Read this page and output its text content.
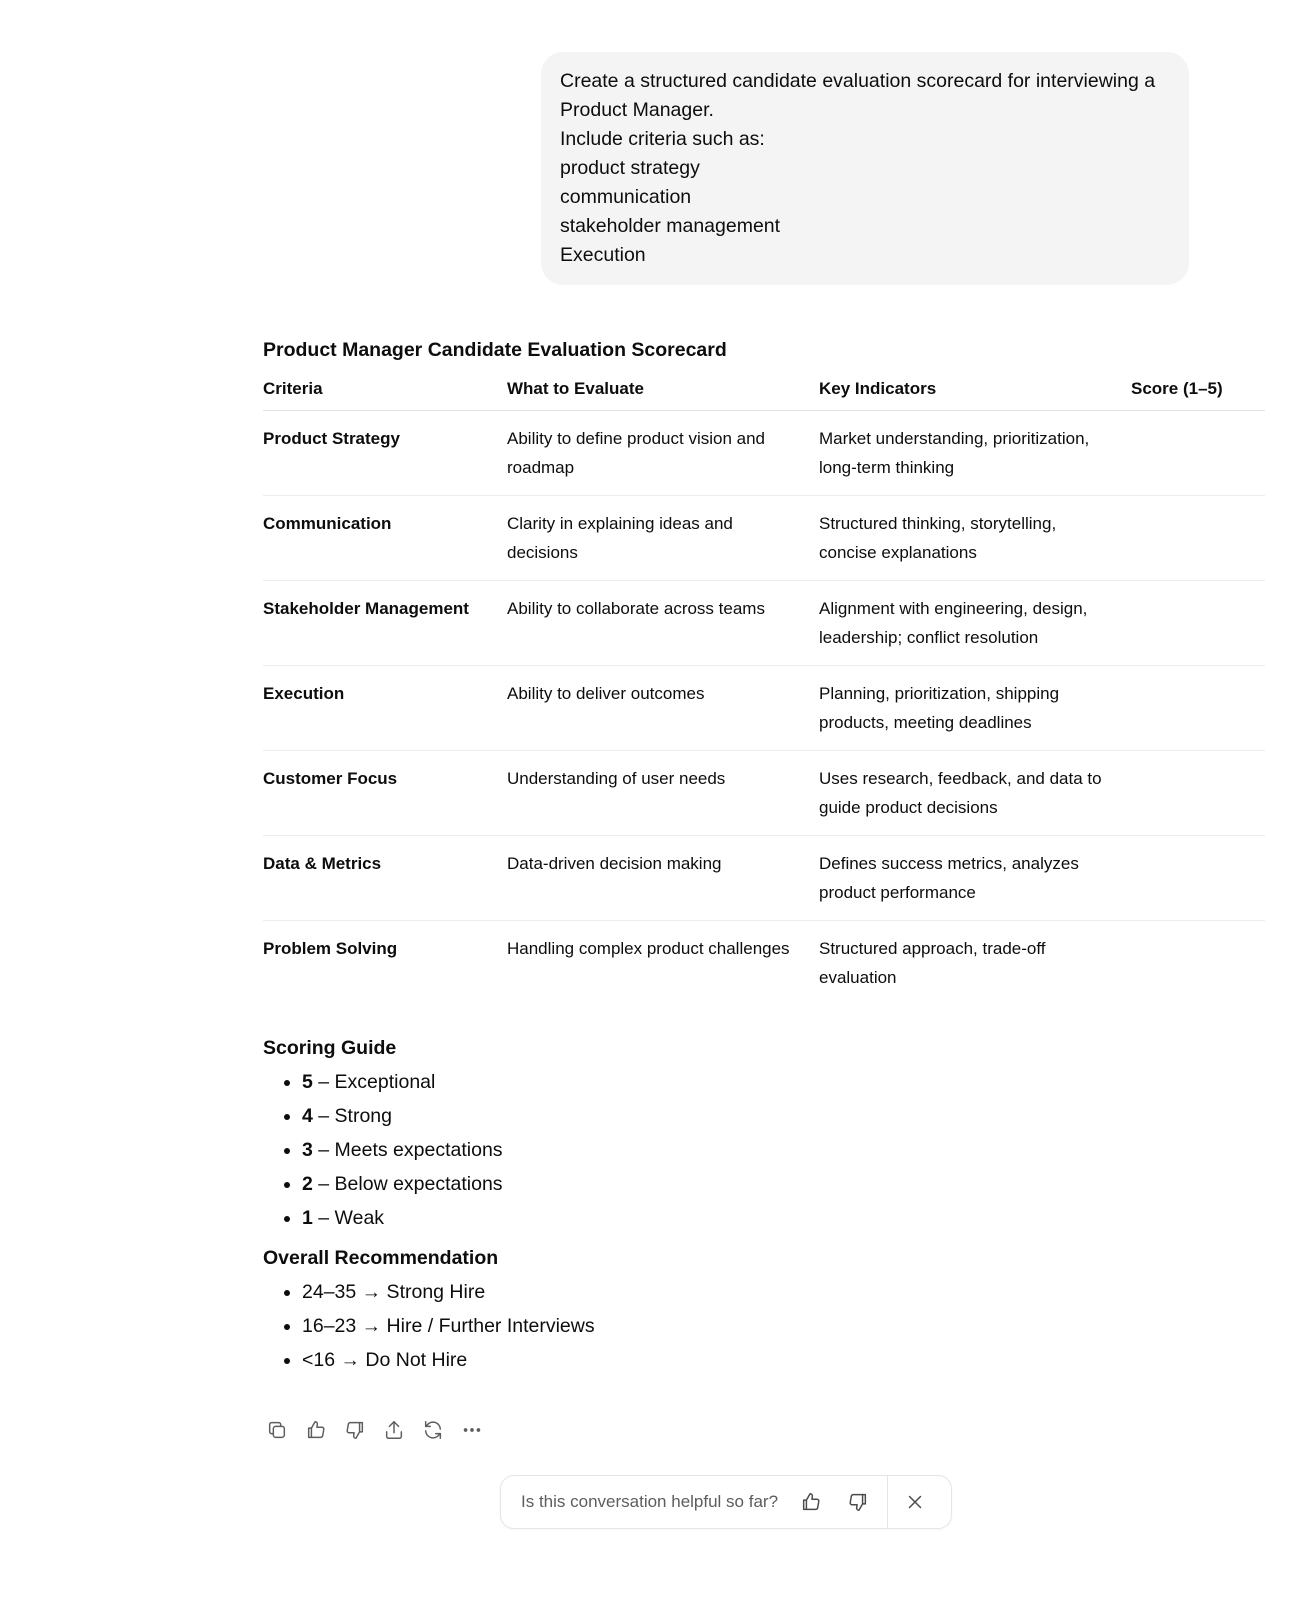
Create a structured candidate evaluation scorecard for interviewing a
Product Manager.
Include criteria such as:
product strategy
communication
stakeholder management
Execution
Product Manager Candidate Evaluation Scorecard
Criteria	What to Evaluate	Key Indicators	Score (1–5)
Product Strategy	Ability to define product vision and roadmap	Market understanding, prioritization, long-term thinking	
Communication	Clarity in explaining ideas and decisions	Structured thinking, storytelling, concise explanations	
Stakeholder Management	Ability to collaborate across teams	Alignment with engineering, design, leadership; conflict resolution	
Execution	Ability to deliver outcomes	Planning, prioritization, shipping products, meeting deadlines	
Customer Focus	Understanding of user needs	Uses research, feedback, and data to guide product decisions	
Data & Metrics	Data-driven decision making	Defines success metrics, analyzes product performance	
Problem Solving	Handling complex product challenges	Structured approach, trade-off evaluation	
Scoring Guide
• 5 – Exceptional
• 4 – Strong
• 3 – Meets expectations
• 2 – Below expectations
• 1 – Weak
Overall Recommendation
• 24–35 → Strong Hire
• 16–23 → Hire / Further Interviews
• <16 → Do Not Hire
Is this conversation helpful so far?
